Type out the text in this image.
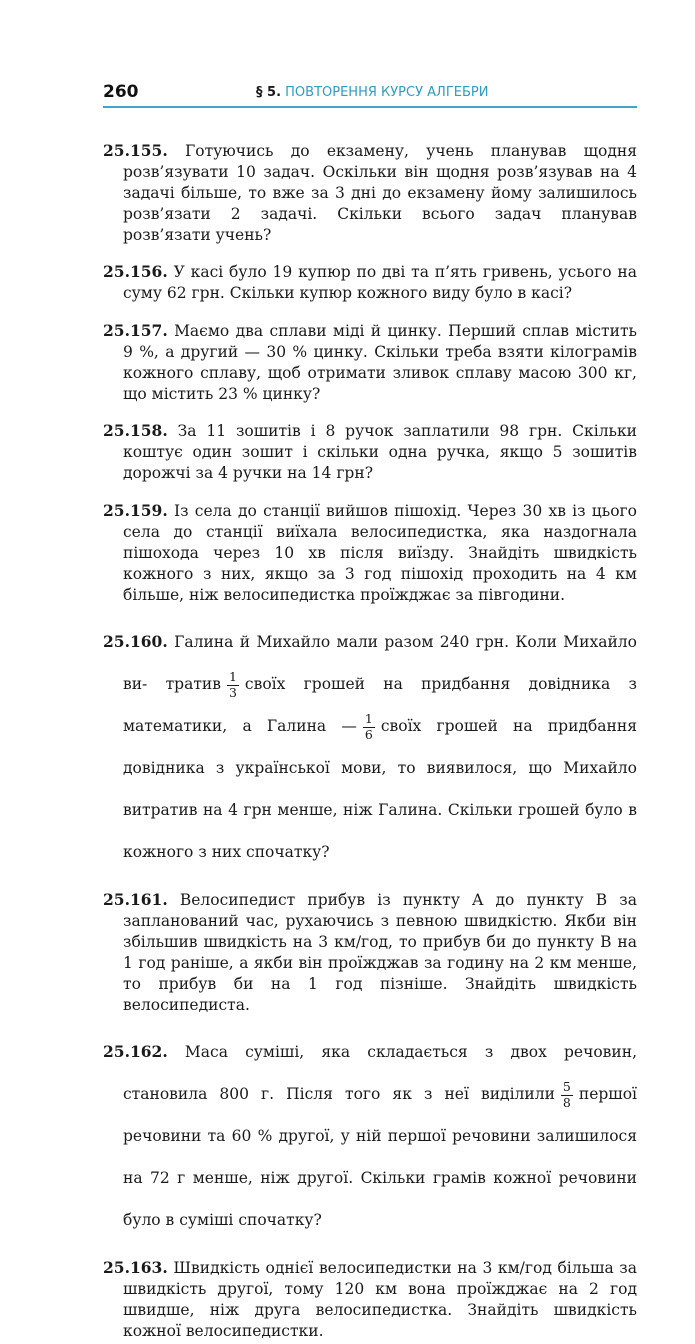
260	§ 5. ПОВТОРЕННЯ КУРСУ АЛГЕБРИ

25.155. Готуючись до екзамену, учень планував щодня розв’язувати 10 задач. Оскільки він щодня розв’язував на 4 задачі більше, то вже за 3 дні до екзамену йому залишилось розв’язати 2 задачі. Скільки всього задач планував розв’язати учень?

25.156. У касі було 19 купюр по дві та п’ять гривень, усього на суму 62 грн. Скільки купюр кожного виду було в касі?

25.157. Маємо два сплави міді й цинку. Перший сплав містить 9 %, а другий — 30 % цинку. Скільки треба взяти кілограмів кожного сплаву, щоб отримати зливок сплаву масою 300 кг, що містить 23 % цинку?

25.158. За 11 зошитів і 8 ручок заплатили 98 грн. Скільки коштує один зошит і скільки одна ручка, якщо 5 зошитів дорожчі за 4 ручки на 14 грн?

25.159. Із села до станції вийшов пішохід. Через 30 хв із цього села до станції виїхала велосипедистка, яка наздогнала пішохода через 10 хв після виїзду. Знайдіть швидкість кожного з них, якщо за 3 год пішохід проходить на 4 км більше, ніж велосипедистка проїжджає за півгодини.

25.160. Галина й Михайло мали разом 240 грн. Коли Михайло ви- тратив $\frac{1}{3}$ своїх грошей на придбання довідника з математики, а Галина — $\frac{1}{6}$ своїх грошей на придбання довідника з української мови, то виявилося, що Михайло витратив на 4 грн менше, ніж Галина. Скільки грошей було в кожного з них спочатку?

25.161. Велосипедист прибув із пункту A до пункту B за запланований час, рухаючись з певною швидкістю. Якби він збільшив швидкість на 3 км/год, то прибув би до пункту B на 1 год раніше, а якби він проїжджав за годину на 2 км менше, то прибув би на 1 год пізніше. Знайдіть швидкість велосипедиста.

25.162. Маса суміші, яка складається з двох речовин, становила 800 г. Після того як з неї виділили $\frac{5}{8}$ першої речовини та 60 % другої, у ній першої речовини залишилося на 72 г менше, ніж другої. Скільки грамів кожної речовини було в суміші спочатку?

25.163. Швидкість однієї велосипедистки на 3 км/год більша за швидкість другої, тому 120 км вона проїжджає на 2 год швидше, ніж друга велосипедистка. Знайдіть швидкість кожної велосипедистки.
